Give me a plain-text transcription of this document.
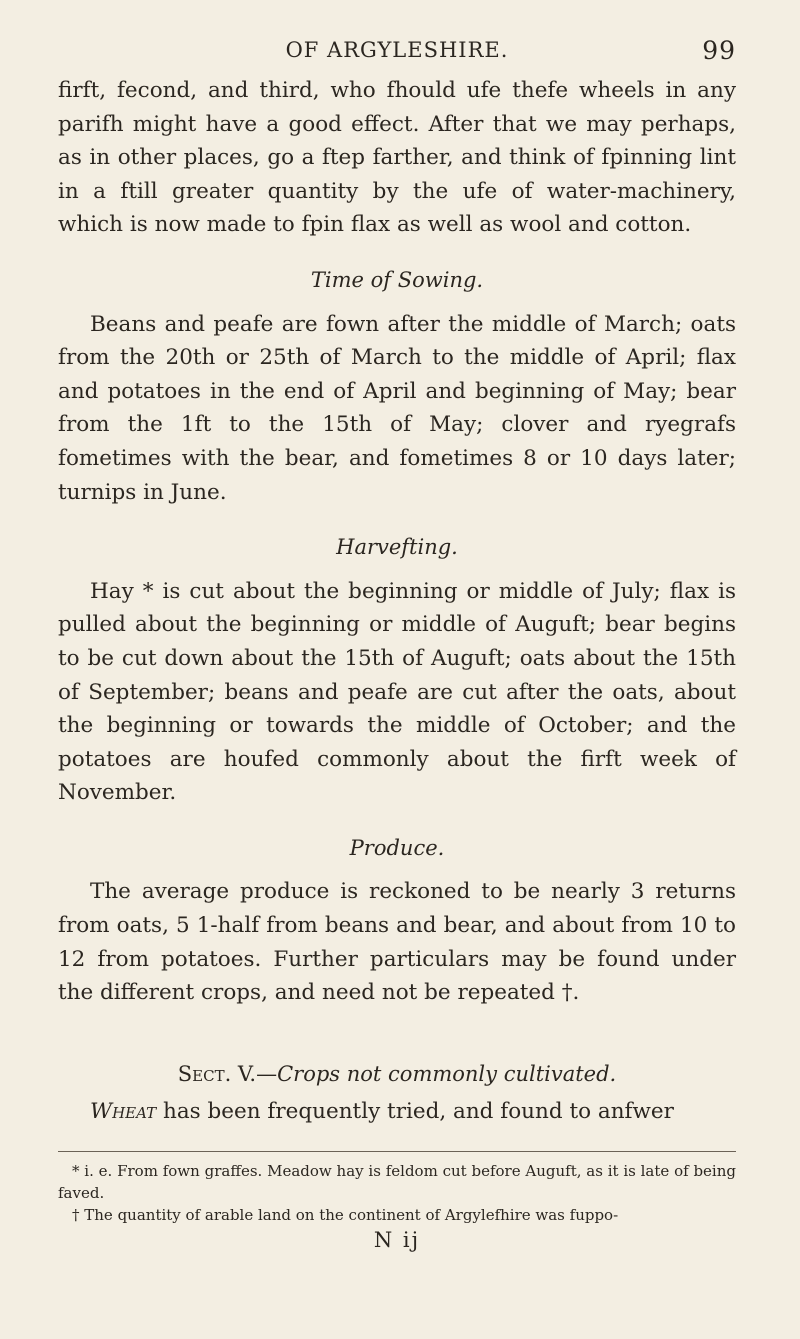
OF ARGYLESHIRE.	99

firft, fecond, and third, who fhould ufe thefe wheels in any parifh might have a good effect. After that we may perhaps, as in other places, go a ftep farther, and think of fpinning lint in a ftill greater quantity by the ufe of water-machinery, which is now made to fpin flax as well as wool and cotton.

Time of Sowing.

Beans and peafe are fown after the middle of March; oats from the 20th or 25th of March to the middle of April; flax and potatoes in the end of April and beginning of May; bear from the 1ft to the 15th of May; clover and ryegrafs fometimes with the bear, and fometimes 8 or 10 days later; turnips in June.

Harvefting.

Hay * is cut about the beginning or middle of July; flax is pulled about the beginning or middle of Auguft; bear begins to be cut down about the 15th of Auguft; oats about the 15th of September; beans and peafe are cut after the oats, about the beginning or towards the middle of October; and the potatoes are houfed commonly about the firft week of November.

Produce.

The average produce is reckoned to be nearly 3 returns from oats, 5 1-half from beans and bear, and about from 10 to 12 from potatoes. Further particulars may be found under the different crops, and need not be repeated †.

Sect. V.—Crops not commonly cultivated.

Wheat has been frequently tried, and found to anfwer

* i. e. From fown graffes. Meadow hay is feldom cut before Auguft, as it is late of being faved.

† The quantity of arable land on the continent of Argylefhire was fuppo-

N ij
